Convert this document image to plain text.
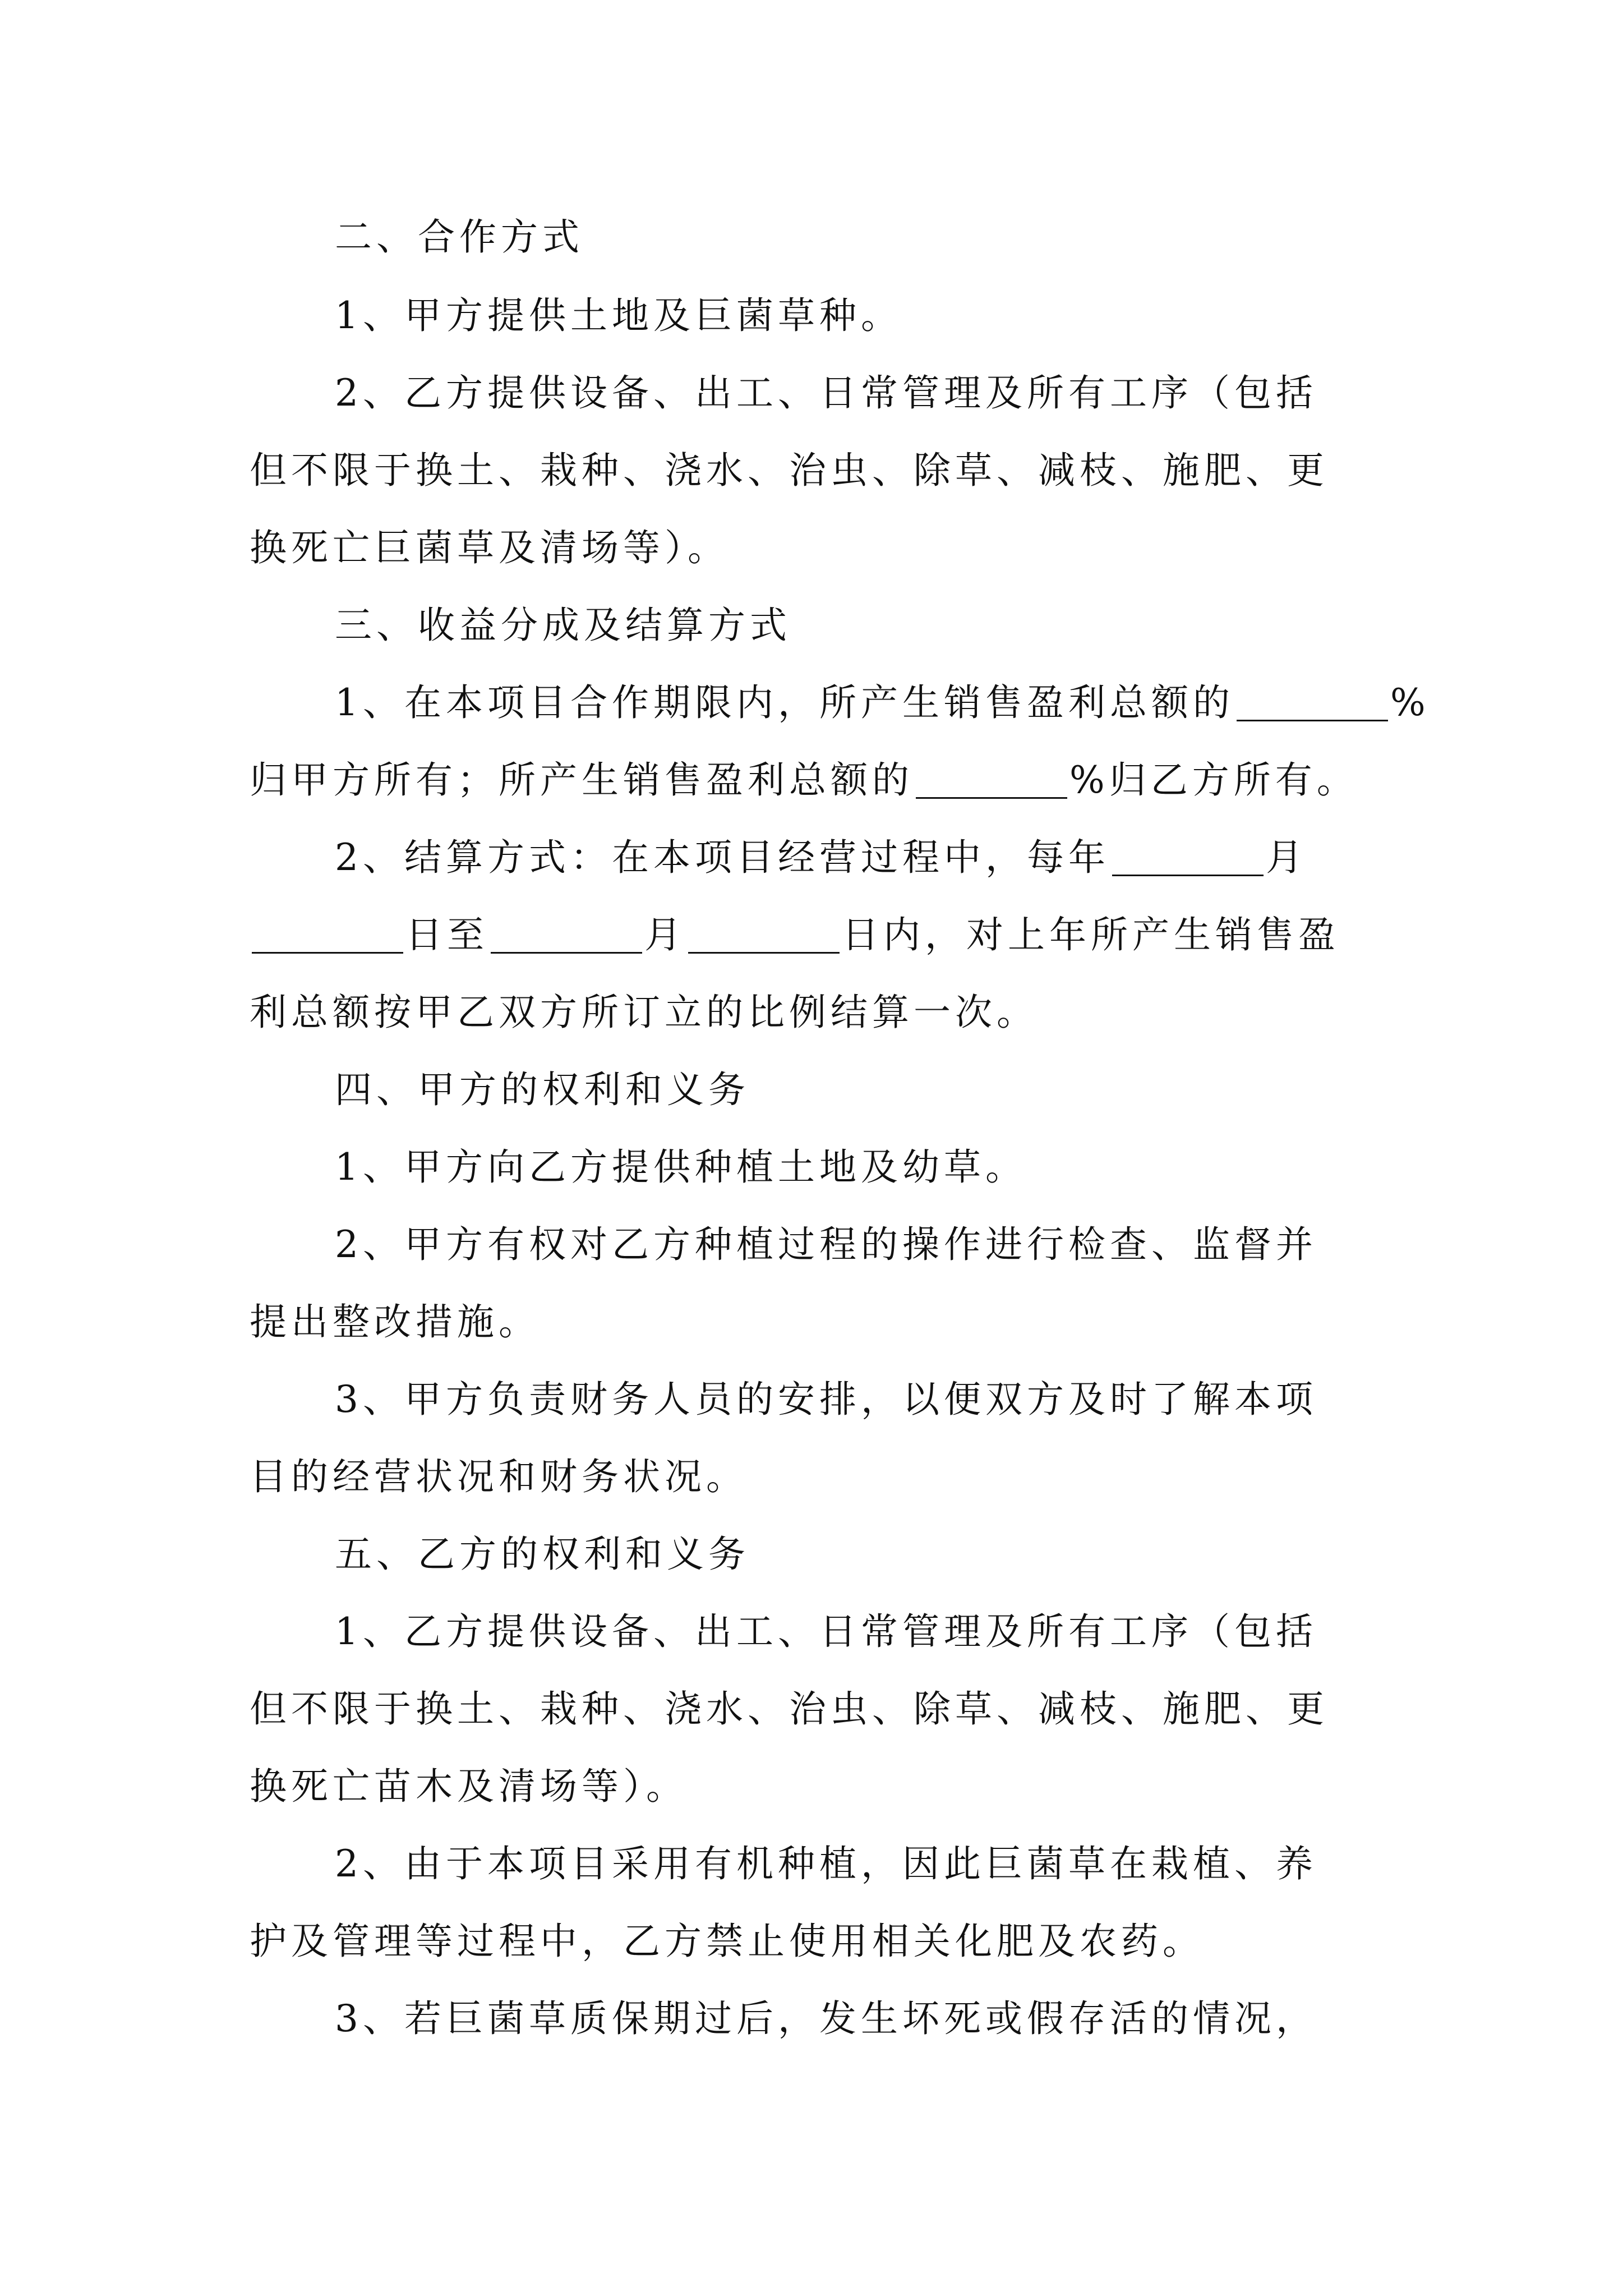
二、合作方式
1、甲方提供土地及巨菌草种。
2、乙方提供设备、出工、日常管理及所有工序（包括
但不限于换土、栽种、浇水、治虫、除草、减枝、施肥、更
换死亡巨菌草及清场等）。
三、收益分成及结算方式
1、在本项目合作期限内，所产生销售盈利总额的	%
归甲方所有；所产生销售盈利总额的	%归乙方所有。
2、结算方式：在本项目经营过程中，每年	月
日至	月	日内，对上年所产生销售盈
利总额按甲乙双方所订立的比例结算一次。
四、甲方的权利和义务
1、甲方向乙方提供种植土地及幼草。
2、甲方有权对乙方种植过程的操作进行检查、监督并
提出整改措施。
3、甲方负责财务人员的安排，以便双方及时了解本项
目的经营状况和财务状况。
五、乙方的权利和义务
1、乙方提供设备、出工、日常管理及所有工序（包括
但不限于换土、栽种、浇水、治虫、除草、减枝、施肥、更
换死亡苗木及清场等）。
2、由于本项目采用有机种植，因此巨菌草在栽植、养
护及管理等过程中，乙方禁止使用相关化肥及农药。
3、若巨菌草质保期过后，发生坏死或假存活的情况，
